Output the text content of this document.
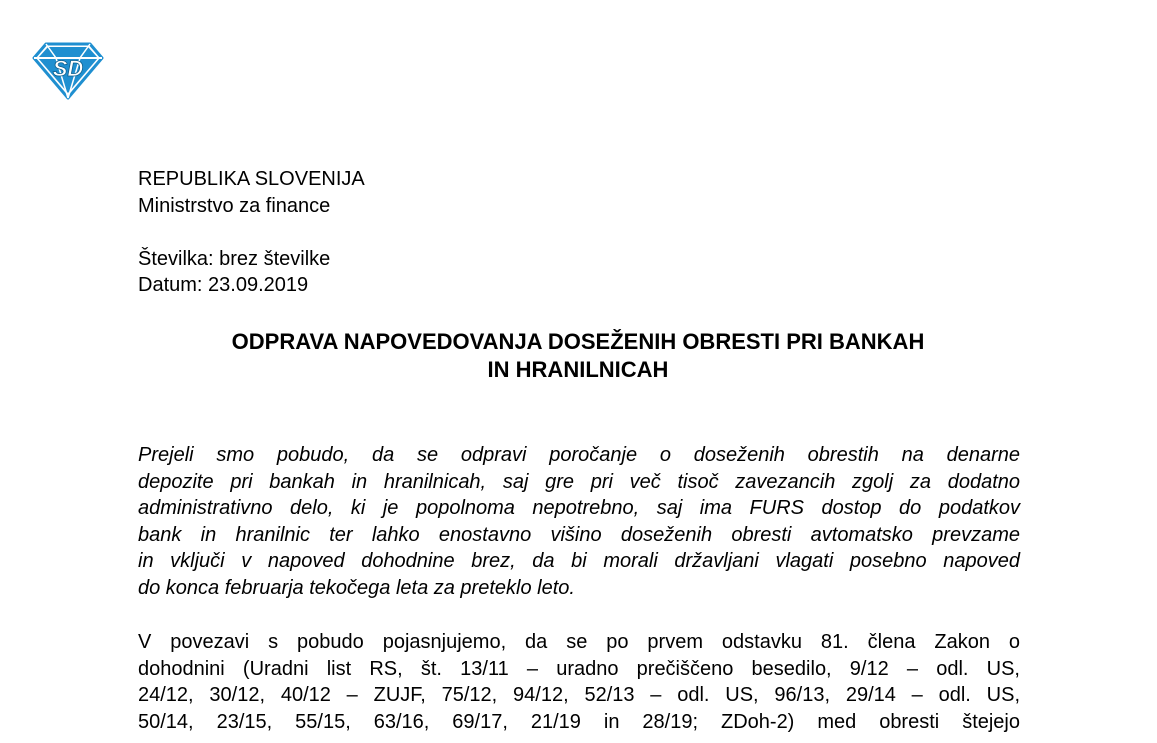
SD
REPUBLIKA SLOVENIJA
Ministrstvo za finance
Številka: brez številke
Datum: 23.09.2019
ODPRAVA NAPOVEDOVANJA DOSEŽENIH OBRESTI PRI BANKAH
IN HRANILNICAH
Prejeli smo pobudo, da se odpravi poročanje o doseženih obrestih na denarne
depozite pri bankah in hranilnicah, saj gre pri več tisoč zavezancih zgolj za dodatno
administrativno delo, ki je popolnoma nepotrebno, saj ima FURS dostop do podatkov
bank in hranilnic ter lahko enostavno višino doseženih obresti avtomatsko prevzame
in vključi v napoved dohodnine brez, da bi morali državljani vlagati posebno napoved
do konca februarja tekočega leta za preteklo leto.
V povezavi s pobudo pojasnjujemo, da se po prvem odstavku 81. člena Zakon o
dohodnini (Uradni list RS, št. 13/11 – uradno prečiščeno besedilo, 9/12 – odl. US,
24/12, 30/12, 40/12 – ZUJF, 75/12, 94/12, 52/13 – odl. US, 96/13, 29/14 – odl. US,
50/14, 23/15, 55/15, 63/16, 69/17, 21/19 in 28/19; ZDoh-2) med obresti štejejo
